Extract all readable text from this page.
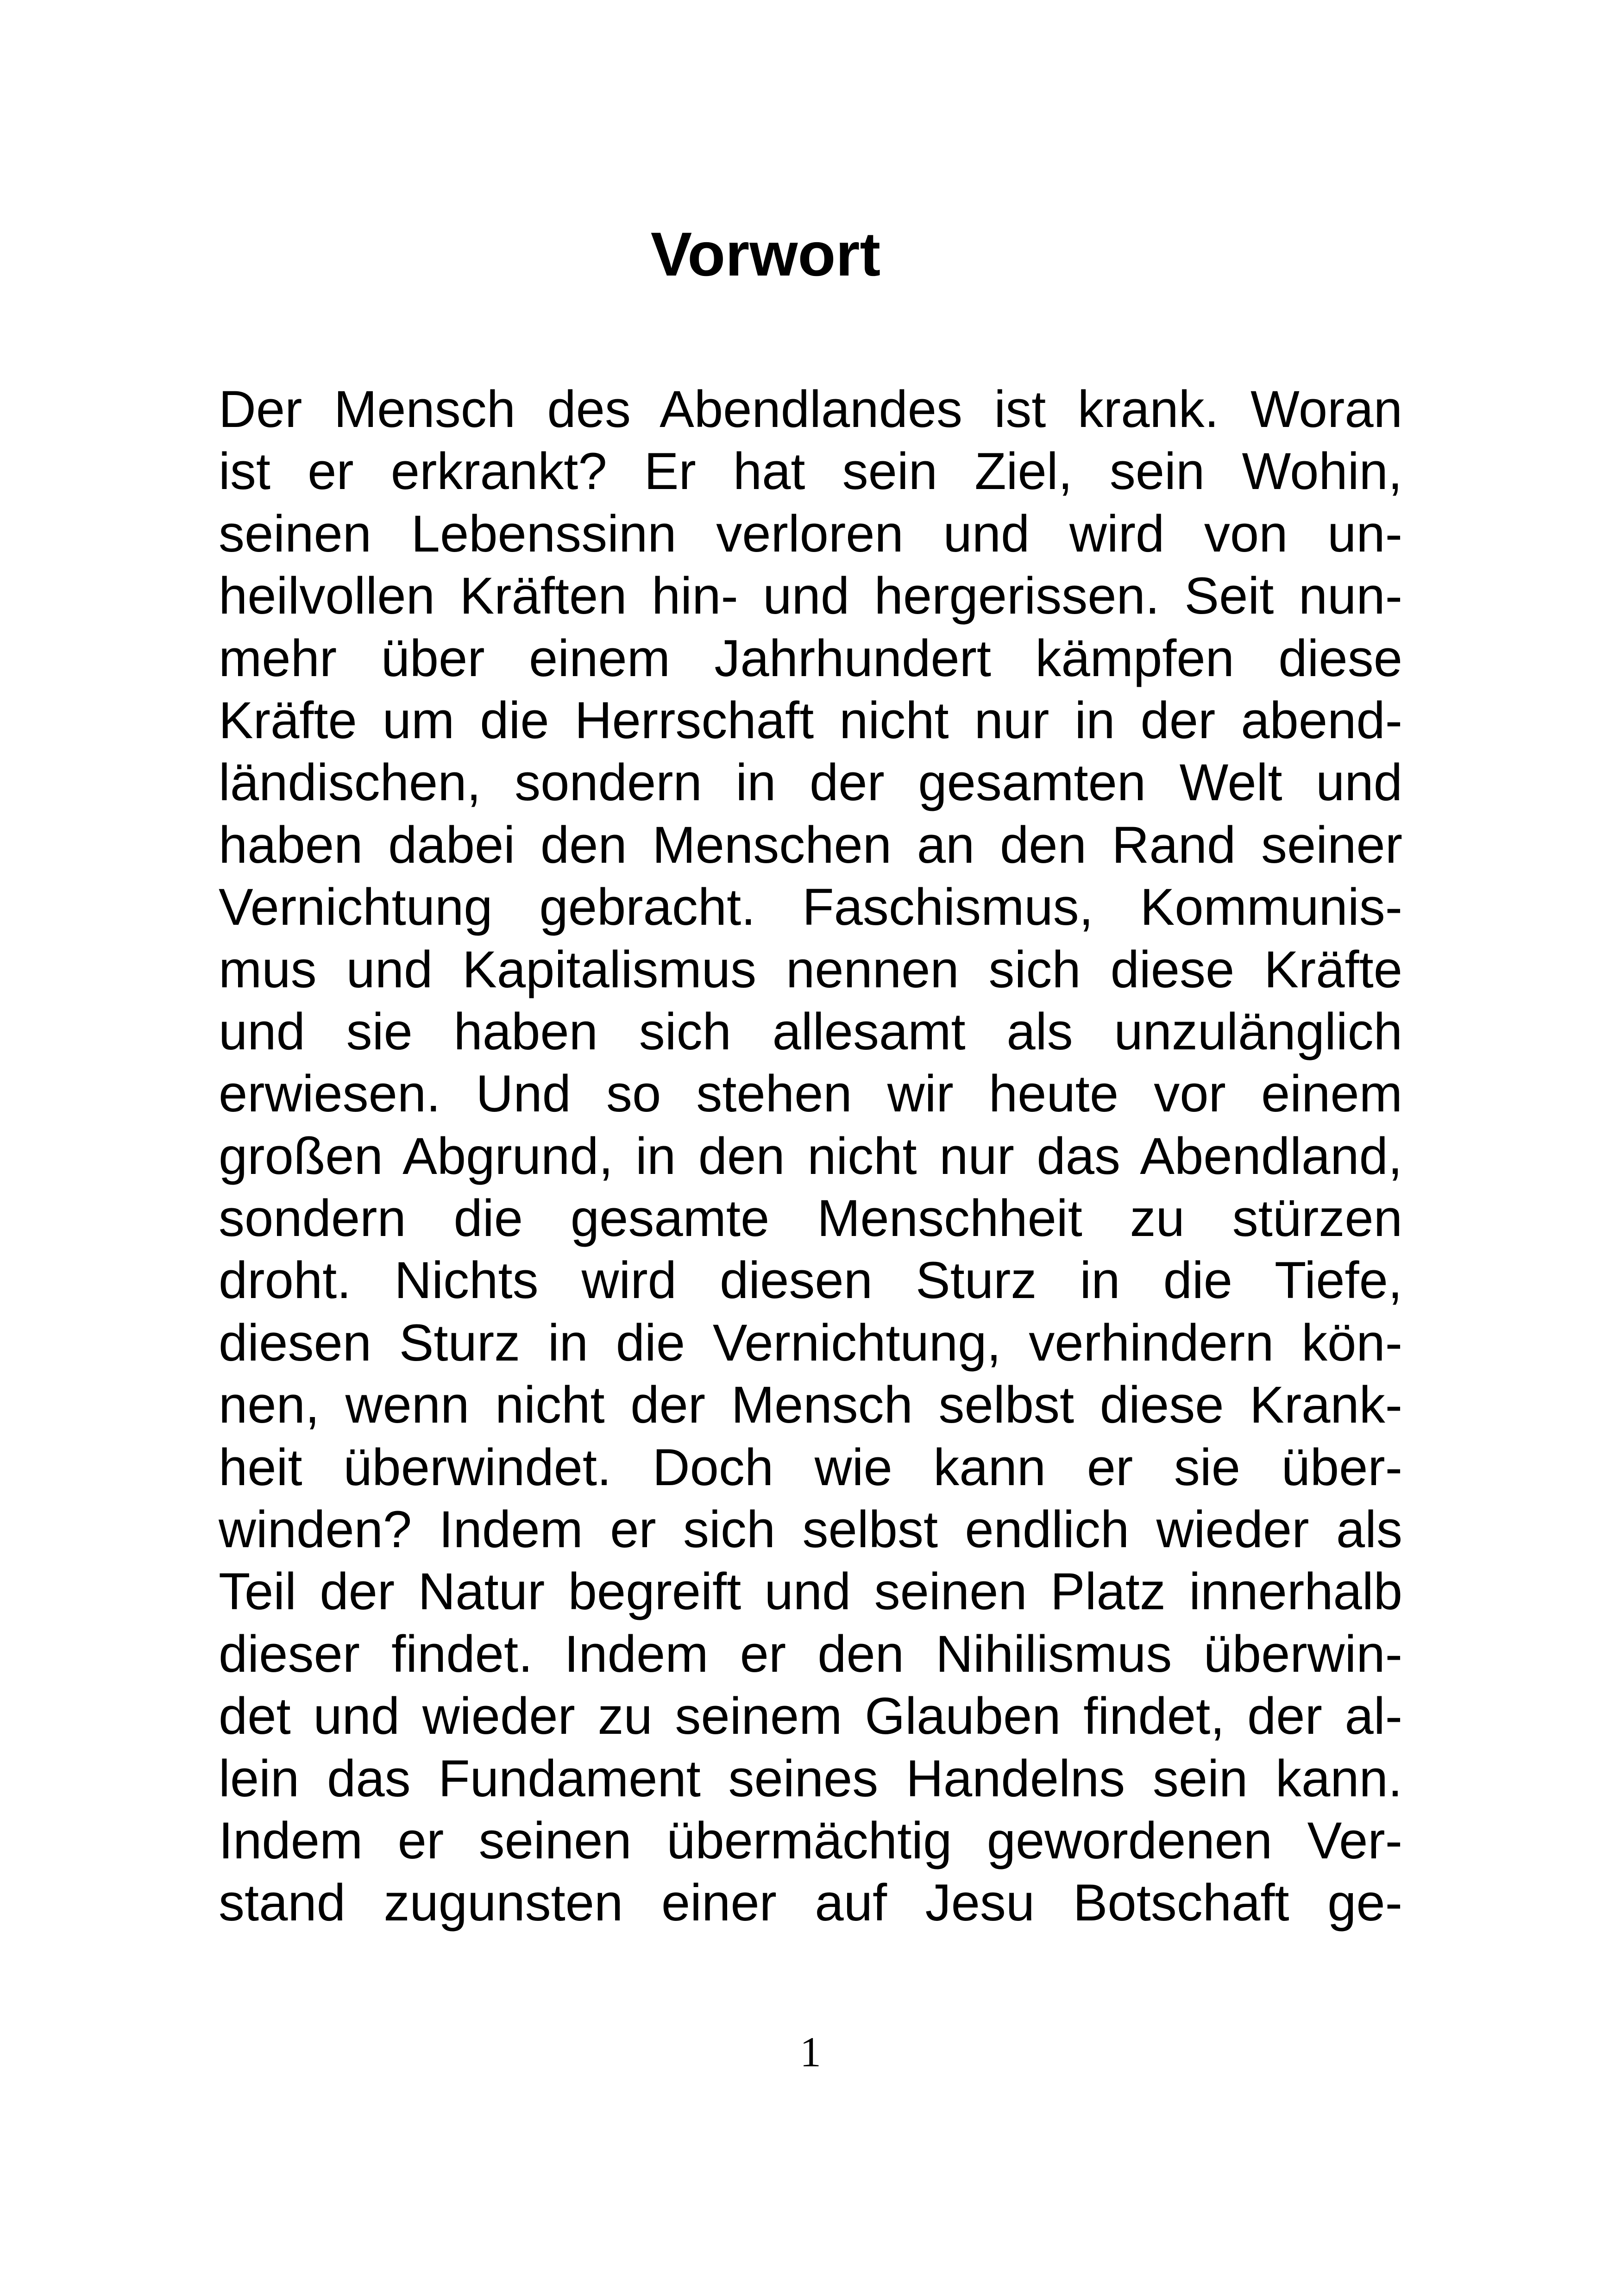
Vorwort
Der Mensch des Abendlandes ist krank. Woran
ist er erkrankt? Er hat sein Ziel, sein Wohin,
seinen Lebenssinn verloren und wird von un-
heilvollen Kräften hin- und hergerissen. Seit nun-
mehr über einem Jahrhundert kämpfen diese
Kräfte um die Herrschaft nicht nur in der abend-
ländischen, sondern in der gesamten Welt und
haben dabei den Menschen an den Rand seiner
Vernichtung gebracht. Faschismus, Kommunis-
mus und Kapitalismus nennen sich diese Kräfte
und sie haben sich allesamt als unzulänglich
erwiesen. Und so stehen wir heute vor einem
großen Abgrund, in den nicht nur das Abendland,
sondern die gesamte Menschheit zu stürzen
droht. Nichts wird diesen Sturz in die Tiefe,
diesen Sturz in die Vernichtung, verhindern kön-
nen, wenn nicht der Mensch selbst diese Krank-
heit überwindet. Doch wie kann er sie über-
winden? Indem er sich selbst endlich wieder als
Teil der Natur begreift und seinen Platz innerhalb
dieser findet. Indem er den Nihilismus überwin-
det und wieder zu seinem Glauben findet, der al-
lein das Fundament seines Handelns sein kann.
Indem er seinen übermächtig gewordenen Ver-
stand zugunsten einer auf Jesu Botschaft ge-
1
